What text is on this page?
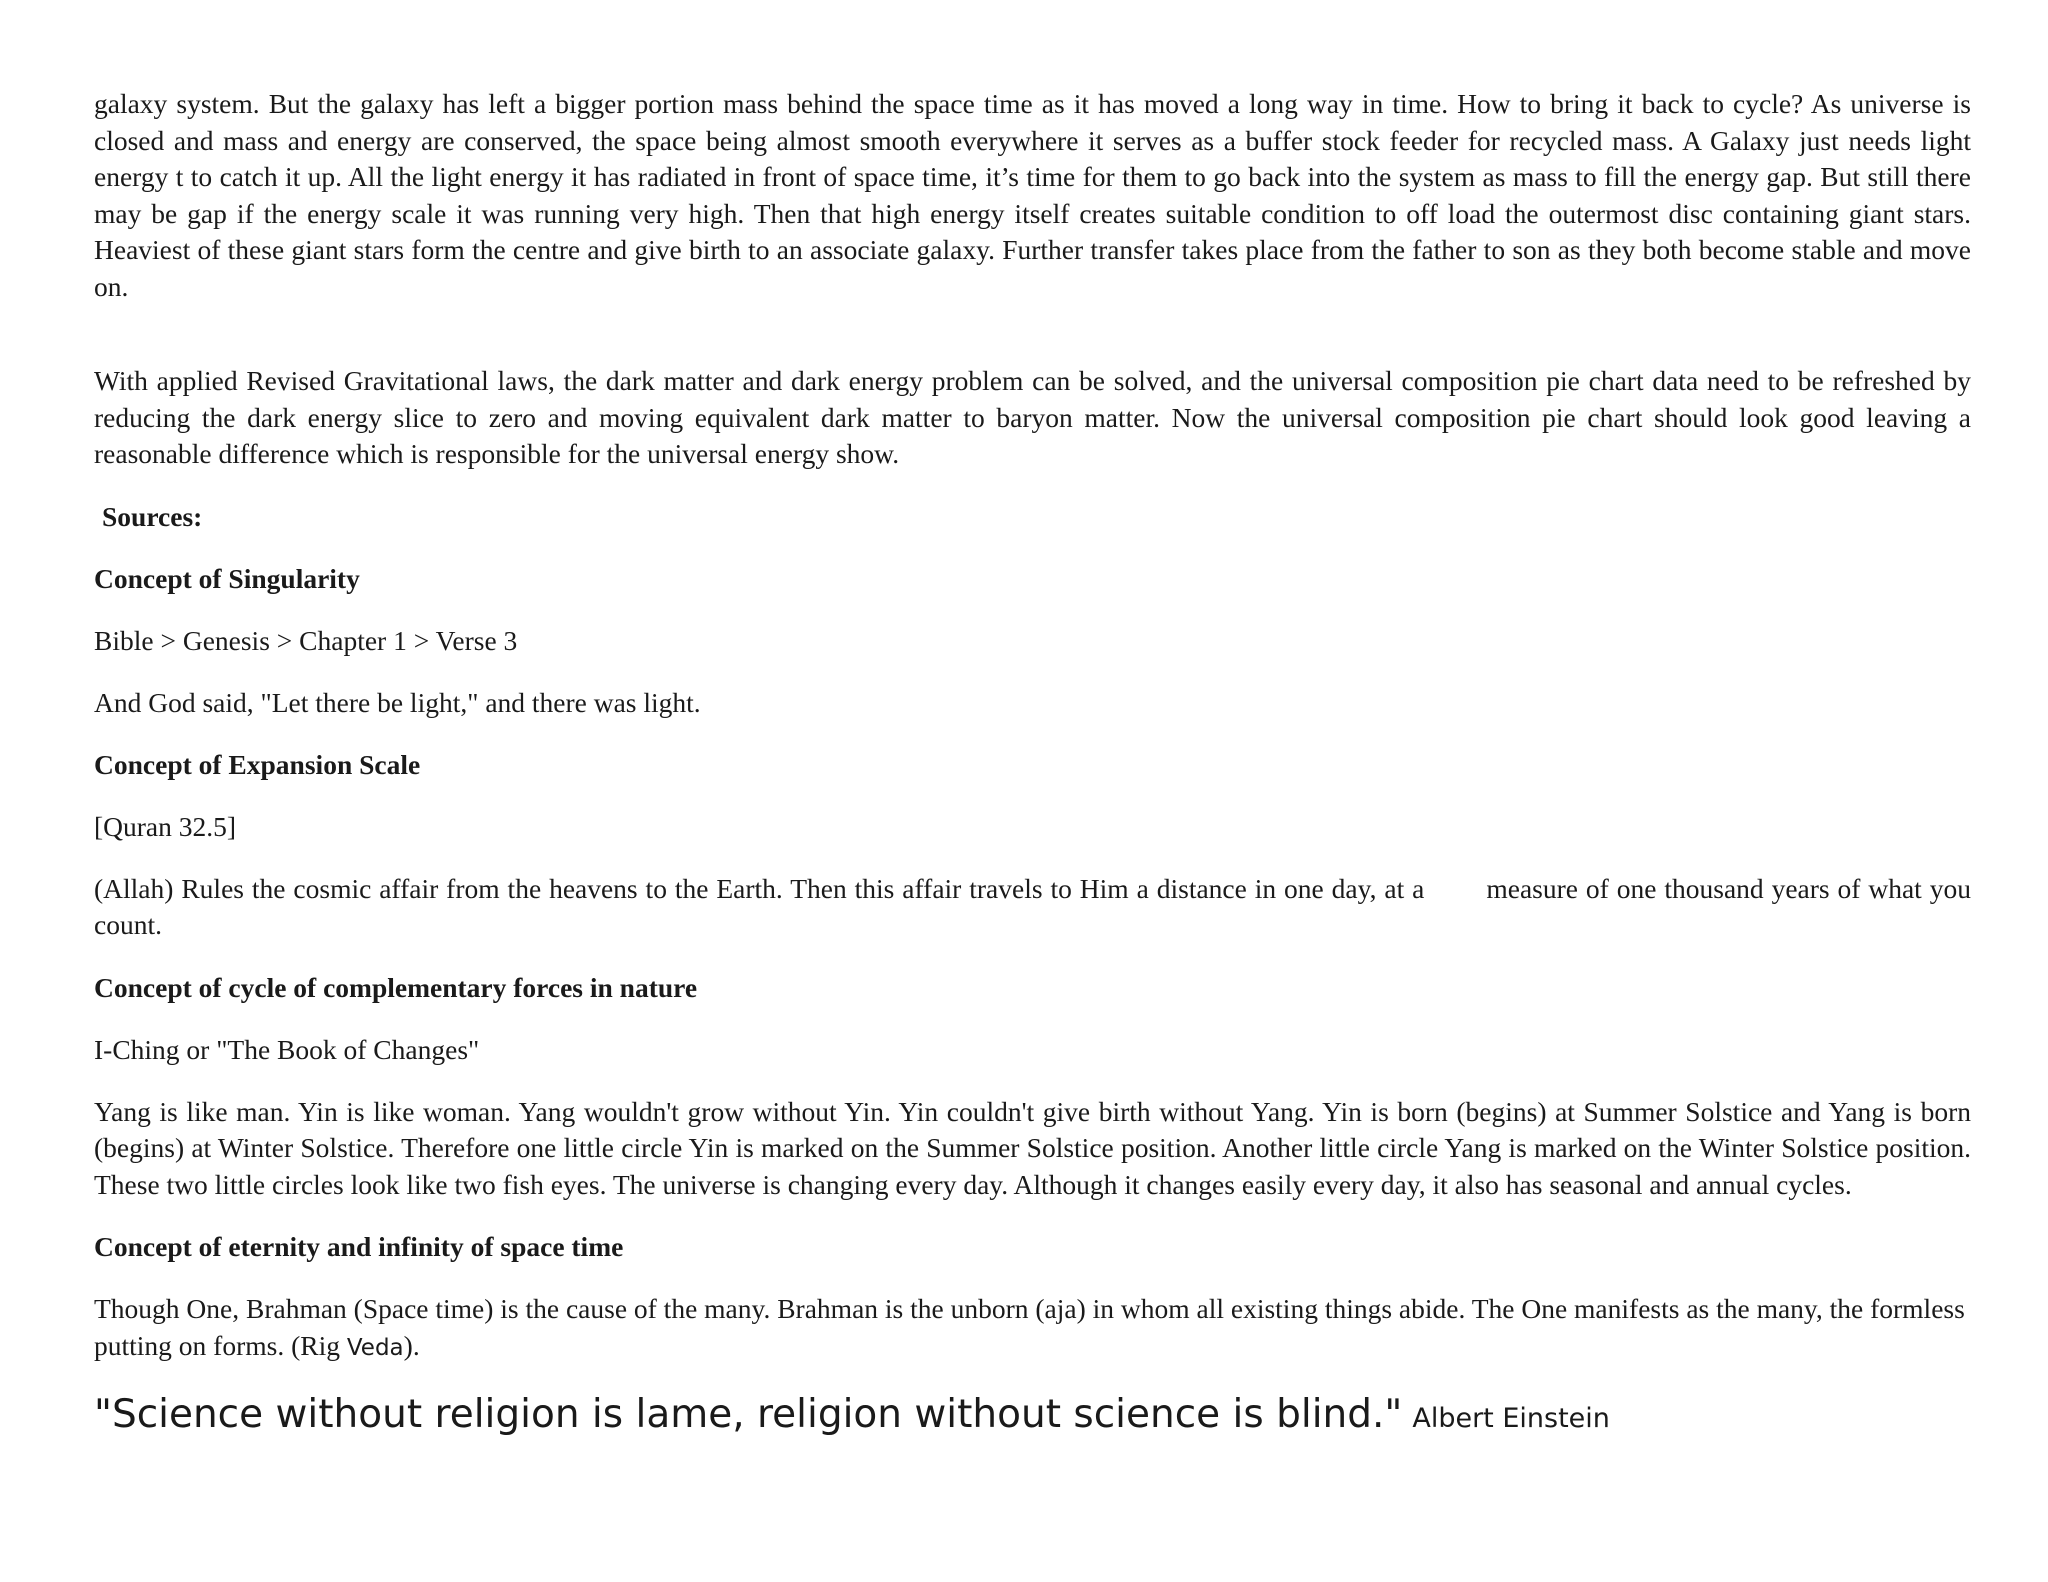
galaxy system. But the galaxy has left a bigger portion mass behind the space time as it has moved a long way in time. How to bring it back to cycle? As universe is closed and mass and energy are conserved, the space being almost smooth everywhere it serves as a buffer stock feeder for recycled mass. A Galaxy just needs light energy t to catch it up. All the light energy it has radiated in front of space time, it’s time for them to go back into the system as mass to fill the energy gap. But still there may be gap if the energy scale it was running very high. Then that high energy itself creates suitable condition to off load the outermost disc containing giant stars. Heaviest of these giant stars form the centre and give birth to an associate galaxy. Further transfer takes place from the father to son as they both become stable and move on.

With applied Revised Gravitational laws, the dark matter and dark energy problem can be solved, and the universal composition pie chart data need to be refreshed by reducing the dark energy slice to zero and moving equivalent dark matter to baryon matter. Now the universal composition pie chart should look good leaving a reasonable difference which is responsible for the universal energy show.

Sources:
Concept of Singularity
Bible > Genesis > Chapter 1 > Verse 3
And God said, "Let there be light," and there was light.
Concept of Expansion Scale
[Quran 32.5]

(Allah) Rules the cosmic affair from the heavens to the Earth. Then this affair travels to Him a distance in one day, at a measure of one thousand years of what you count.

Concept of cycle of complementary forces in nature
I-Ching or "The Book of Changes"

Yang is like man. Yin is like woman. Yang wouldn't grow without Yin. Yin couldn't give birth without Yang. Yin is born (begins) at Summer Solstice and Yang is born (begins) at Winter Solstice. Therefore one little circle Yin is marked on the Summer Solstice position. Another little circle Yang is marked on the Winter Solstice position. These two little circles look like two fish eyes. The universe is changing every day. Although it changes easily every day, it also has seasonal and annual cycles.

Concept of eternity and infinity of space time

Though One, Brahman (Space time) is the cause of the many. Brahman is the unborn (aja) in whom all existing things abide. The One manifests as the many, the formless putting on forms. (Rig Veda).

"Science without religion is lame, religion without science is blind." Albert Einstein
